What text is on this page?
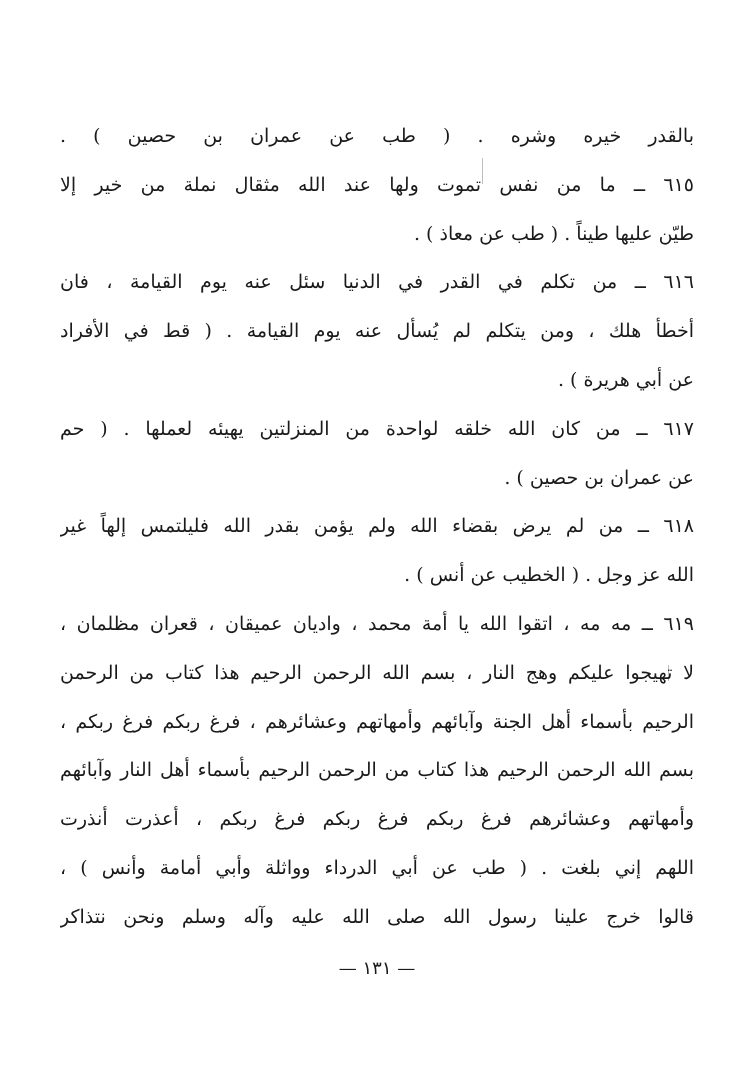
بالقدر خيره وشره . ( طب عن عمران بن حصين ) .
٦١٥ ــ ما من نفس تموت ولها عند الله مثقال نملة من خير إلا
طيّن عليها طيناً . ( طب عن معاذ ) .
٦١٦ ــ من تكلم في القدر في الدنيا سئل عنه يوم القيامة ، فان
أخطأ هلك ، ومن يتكلم لم يُسأل عنه يوم القيامة . ( قط في الأفراد
عن أبي هريرة ) .
٦١٧ ــ من كان الله خلقه لواحدة من المنزلتين يهيئه لعملها . ( حم
عن عمران بن حصين ) .
٦١٨ ــ من لم يرض بقضاء الله ولم يؤمن بقدر الله فليلتمس إلهاً غير
الله عز وجل . ( الخطيب عن أنس ) .
٦١٩ ــ مه مه ، اتقوا الله يا أمة محمد ، واديان عميقان ، قعران مظلمان ،
لا تهيجوا عليكم وهج النار ، بسم الله الرحمن الرحيم هذا كتاب من الرحمن
الرحيم بأسماء أهل الجنة وآبائهم وأمهاتهم وعشائرهم ، فرغ ربكم فرغ ربكم ،
بسم الله الرحمن الرحيم هذا كتاب من الرحمن الرحيم بأسماء أهل النار وآبائهم
وأمهاتهم وعشائرهم فرغ ربكم فرغ ربكم فرغ ربكم ، أعذرت أنذرت
اللهم إني بلغت . ( طب عن أبي الدرداء وواثلة وأبي أمامة وأنس ) ،
قالوا خرج علينا رسول الله صلى الله عليه وآله وسلم ونحن نتذاكر
— ١٣١ —
